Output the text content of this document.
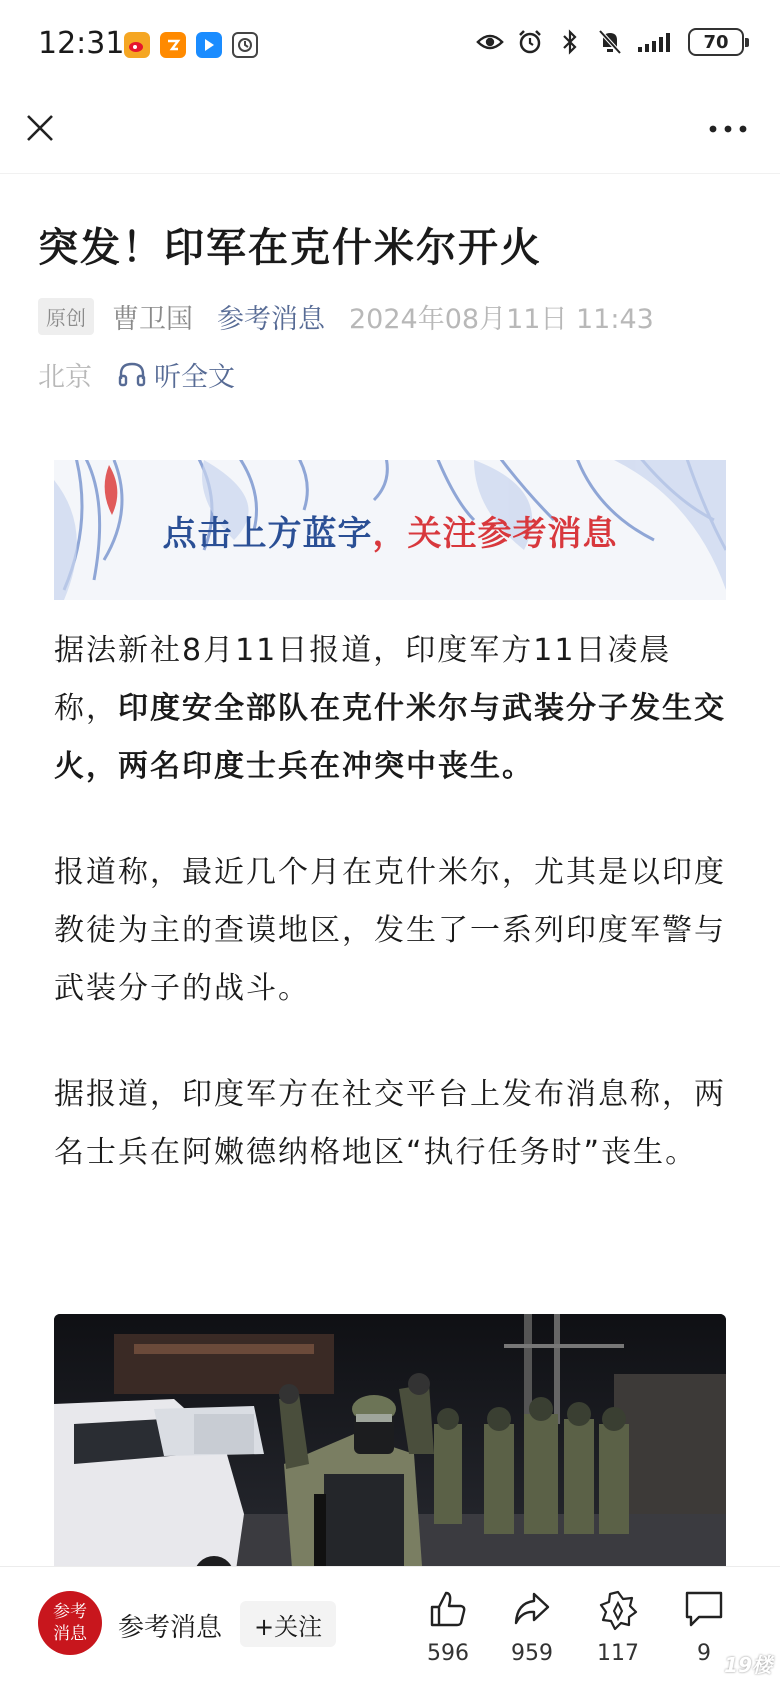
12:31	70
突发！印军在克什米尔开火
原创 曹卫国 参考消息 2024年08月11日 11:43
北京 听全文
点击上方蓝字，关注参考消息

据法新社8月11日报道，印度军方11日凌晨称，印度安全部队在克什米尔与武装分子发生交火，两名印度士兵在冲突中丧生。

报道称，最近几个月在克什米尔，尤其是以印度教徒为主的查谟地区，发生了一系列印度军警与武装分子的战斗。

据报道，印度军方在社交平台上发布消息称，两名士兵在阿嫩德纳格地区“执行任务时”丧生。

参考消息 参考消息 +关注
596	959	117	9 19楼
